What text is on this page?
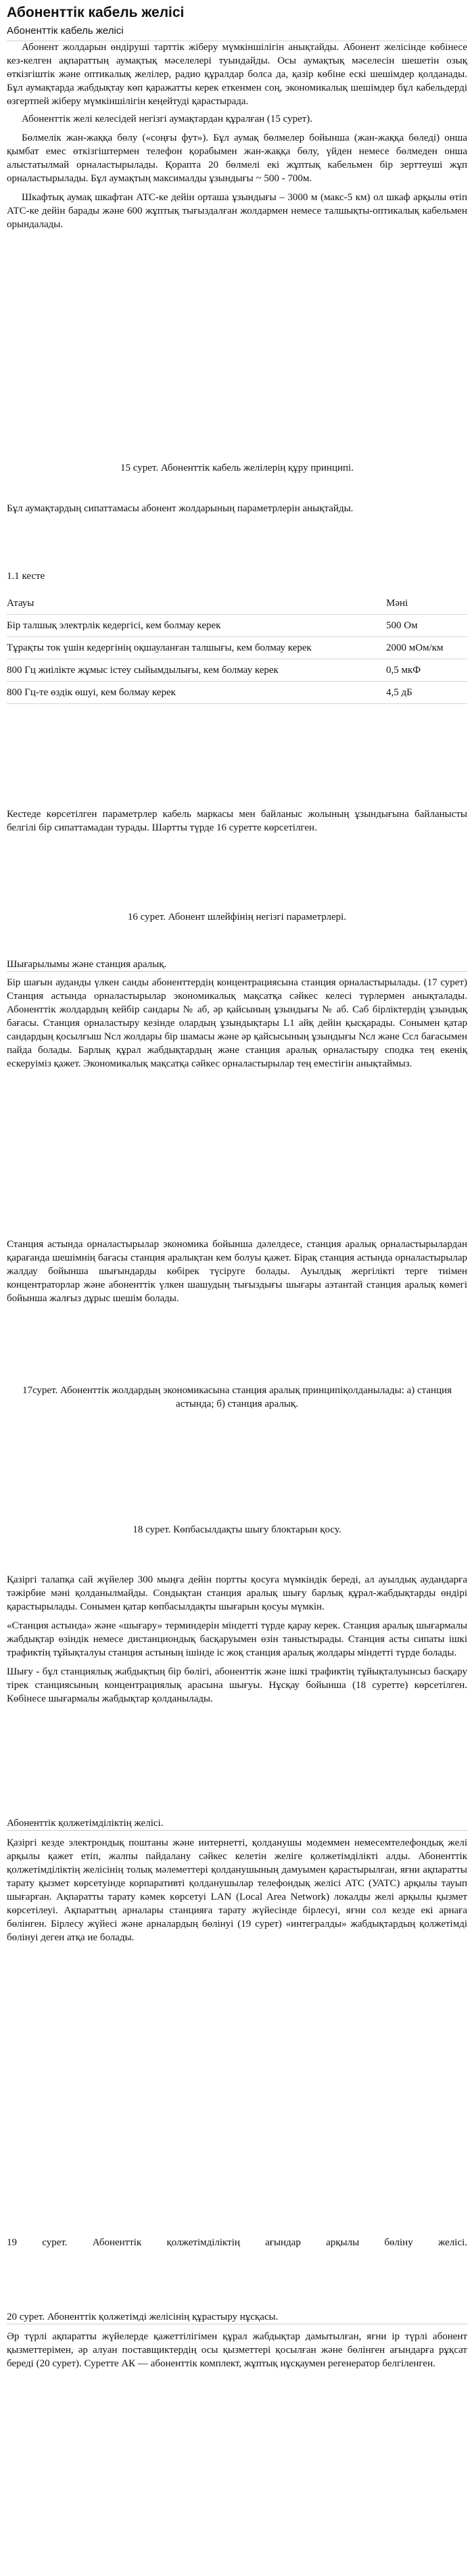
Абоненттік кабель желісі
Абоненттік кабель желісі

Абонент жолдарын өндіруші тарттік жіберу мүмкіншілігін анықтайды. Абонент желісінде көбінесе кез-келген ақпараттың аумақтық мәселелері туындайды. Осы аумақтық мәселесін шешетін озық өткізгіштік және оптикалық желілер, радио құралдар болса да, қазір көбіне ескі шешімдер қолданады. Бұл аумақтарда жабдықтау көп қаражатты керек еткенмен соң, экономикалық шешімдер бұл кабельдерді өзгертпей жіберу мүмкіншілігін кеңейтуді қарастырада.

Абоненттік желі келесідей негізгі аумақтардан құралған (15 сурет).

Бөлмелік жан-жаққа бөлу («соңғы фут»). Бұл аумақ бөлмелер бойынша (жан-жаққа бөледі) онша қымбат емес өткізгіштермен телефон қорабымен жан-жаққа бөлу, үйден немесе бөлмеден онша алыстатылмай орналастырылады. Қорапта 20 бөлмелі екі жұптық кабельмен бір зерттеуші жұп орналастырылады. Бұл аумақтың максималды ұзындығы ~ 500 - 700м.

Шкафтық аумақ шкафтан АТС-ке дейін орташа ұзындығы – 3000 м (макс-5 км) ол шкаф арқылы өтіп АТС-ке дейін барады және 600 жұптық тығыздалған жолдармен немесе талшықты-оптикалық кабельмен орындалады.

15 сурет. Абоненттік кабель желілерің құру принципі.

Бұл аумақтардың сипаттамасы абонент жолдарының параметрлерін анықтайды.

1.1 кесте

Атауы	Мәні
Бір талшық электрлік кедергісі, кем болмау керек	500 Ом
Тұрақты ток үшін кедергінің оқшауланған талшығы, кем болмау керек	2000 мОм/км
800 Гц жиілікте жұмыс істеу сыйымдылығы, кем болмау керек	0,5 мкФ
800 Гц-те өздік өшуі, кем болмау керек	4,5 дБ

Кестеде көрсетілген параметрлер кабель маркасы мен байланыс жолының ұзындығына байланысты белгілі бір сипаттамадан турады. Шартты түрде 16 суретте көрсетілген.

16 сурет. Абонент шлейфінің негізгі параметрлері.

Шығарылымы және станция аралық.

Бір шағын ауданды үлкен санды абоненттердің концентрациясына станция орналастырылады. (17 сурет) Станция астында орналастырылар экономикалық мақсатқа сәйкес келесі түрлермен анықталады. Абоненттік жолдардың кейбір сандары № аб, әр қайсының ұзындығы № аб. Саб бірліктердің ұзындық бағасы. Станция орналастыру кезінде олардың ұзындықтары L1 айқ дейін қысқарады. Сонымен қатар сандардың қосылғыш Nсл жолдары бір шамасы және әр қайсысының ұзындығы Nсл және Ссл бағасымен пайда болады. Барлық құрал жабдықтардың және станция аралық орналастыру сподка тең екеніқ ескеруіміз қажет. Экономикалық мақсатқа сәйкес орналастырылар тең еместігін анықтаймыз.

Станция астында орналастырылар экономика бойынша дәлелдесе, станция аралық орналастырылардан қарағанда шешімнің бағасы станция аралықтан кем болуы қажет. Бірақ станция астында орналастырылар жалдау бойынша шығындарды көбірек түсіруге болады. Ауылдық жергілікті терге тиімен концентраторлар және абоненттік үлкен шашудың тығыздығы шығары аэтантай станция аралық көмегі бойынша жалғыз дұрыс шешім болады.

17сурет. Абоненттік жолдардың экономикасына станция аралық принципіқолданылады: а) станция астында; б) станция аралық.

18 сурет. Көпбасылдақты шығу блоктарын қосу.

Қазіргі талапқа сай жүйелер 300 мыңға дейін портты қосуға мүмкіндік береді, ал ауылдық аудандарға тәжірбие мәні қолданылмайды. Сондықтан станция аралық шығу барлық құрал-жабдықтарды өндірі қарастырылады. Сонымен қатар көпбасылдақты шығарын қосуы мүмкін.

«Станция астында» және «шығару» терминдерін міндетті түрде қарау керек. Станция аралық шығармалы жабдықтар өзіндік немесе дистанциондық басқаруымен өзін таныстырады. Станция асты сипаты ішкі трафиктің тұйықталуы станция астының ішінде іс жоқ станция аралық жолдары міндетті түрде болады.

Шығу - бұл станциялық жабдықтың бір бөлігі, абоненттік және ішкі трафиктің тұйықталуынсыз басқару тірек станциясының концентрациялық арасына шығуы. Нұсқау бойынша (18 суретте) көрсетілген. Көбінесе шығармалы жабдықтар қолданылады.

Абоненттік қолжетімділіктің желісі.

Қазіргі кезде электрондық поштаны және интернетті, қолданушы модеммен немесемтелефондық желі арқылы қажет етіп, жалпы пайдалану сәйкес келетін желіге қолжетімділікті алды. Абоненттік қолжетімділіктің желісінің толық мәлеметтері қолданушының дамуымен қарастырылған, яғни ақпаратты тарату қызмет көрсетуінде корпаративті қолданушылар телефондық желісі АТС (УАТС) арқылы тауып шығарған. Ақпаратты тарату кәмек көрсетуі LAN (Local Area Network) локалды желі арқылы қызмет көрсетілеуі. Ақпараттың арналары станцияға тарату жүйесінде бірлесуі, яғни сол кезде екі арнаға бөлінген. Бірлесу жүйесі және арналардың бөлінуі (19 сурет) «интегралды» жабдықтардың қолжетімді бөлінуі деген атқа ие болады.

19 сурет. Абоненттік қолжетімділіктің ағындар арқылы бөліну желісі.

20 сурет. Абоненттік қолжетімді желісінің құрастыру нұсқасы.

Әр түрлі ақпаратты жүйелерде қажеттілігімен құрал жабдықтар дамытылған, яғни іp түрлі абонент қызметтерімен, әр алуан поставщиктердің осы қызметтері қосылған және бөлінген ағындарға рұқсат береді (20 сурет). Суретте АК — абоненттік комплект, жұптық нұсқаумен регенератор белгіленген.
